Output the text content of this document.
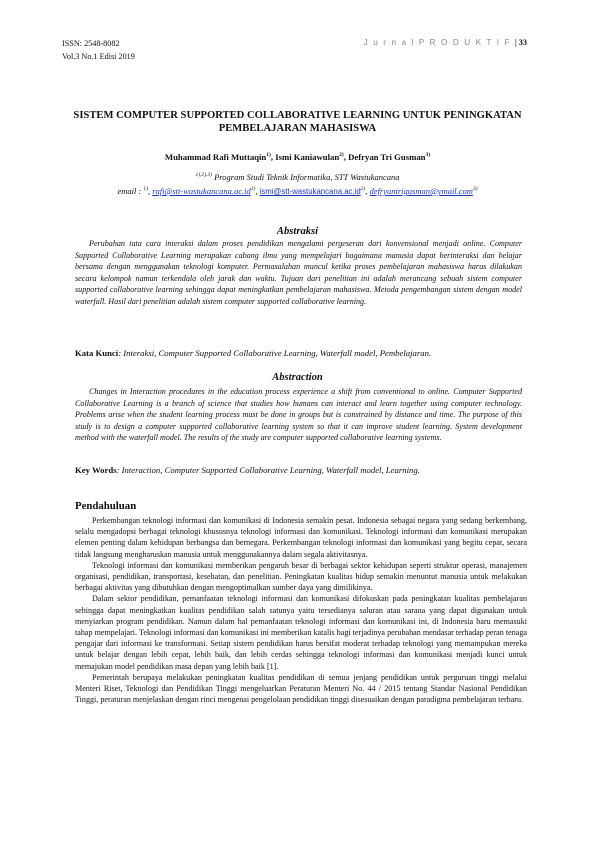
ISSN: 2548-8082
Vol.3 No.1 Edisi 2019
J u r n a l P R O D U K T I F | 33
SISTEM COMPUTER SUPPORTED COLLABORATIVE LEARNING UNTUK PENINGKATAN PEMBELAJARAN MAHASISWA
Muhammad Rafi Muttaqin$^{1)}$, Ismi Kaniawulan$^{2)}$, Defryan Tri Gusman$^{3)}$
$^{1),2),3)}$ Program Studi Teknik Informatika, STT Wastukancana
email : $^{1)}$, $rafi@stt-wastukancana.ac.id^{1)}$, $ismi@stt-wastukancana.ac.id^{2)}$, defryantrigusman@ymail.com$^{3)}$
Abstraksi
Perubahan tata cara interaksi dalam proses pendidikan mengalami pergeseran dari konvensional menjadi online. Computer Supported Collaborative Learning merupakan cabang ilmu yang mempelajari bagaimana manusia dapat berinteraksi dan belajar bersama dengan menggunakan teknologi komputer. Permasalahan muncul ketika proses pembelajaran mahasiswa harus dilakukan secara kelompok namun terkendala oleh jarak dan waktu. Tujuan dari penelitian ini adalah merancang sebuah sistem computer supported collaborative learning sehingga dapat meningkatkan pembelajaran mahasiswa. Metoda pengembangan sistem dengan model waterfall. Hasil dari penelitian adalah sistem computer supported collaborative learning.
Kata Kunci: Interaksi, Computer Supported Collaborative Learning, Waterfall model, Pembelajaran.
Abstraction
Changes in Interaction procedures in the education process experience a shift from conventional to online. Computer Supported Collaborative Learning is a branch of science that studies how humans can interact and learn together using computer technology. Problems arise when the student learning process must be done in groups but is constrained by distance and time. The purpose of this study is to design a computer supported collaborative learning system so that it can improve student learning. System development method with the waterfall model. The results of the study are computer supported collaborative learning systems.
Key Words: Interaction, Computer Supported Collaborative Learning, Waterfall model, Learning.
Pendahuluan

Perkembangan teknologi informasi dan komunikasi di Indonesia semakin pesat. Indonesia sebagai negara yang sedang berkembang, selalu mengadopsi berbagai teknologi khususnya teknologi informasi dan komunikasi. Teknologi informasi dan komunikasi merupakan elemen penting dalam kehidupan berbangsa dan bernegara. Perkembangan teknologi informasi dan komunikasi yang begitu cepat, secara tidak langsung mengharuskan manusia untuk menggunakannya dalam segala aktivitasnya.

Teknologi informasi dan komunikasi memberikan pengaruh besar di berbagai sektor kehidupan seperti struktur operasi, manajemen organisasi, pendidikan, transportasi, kesehatan, dan penelitian. Peningkatan kualitas hidup semakin menuntut manusia untuk melakukan berbagai aktivitas yang dibutuhkan dengan mengoptimalkan sumber daya yang dimilikinya.

Dalam sektor pendidikan, pemanfaatan teknologi informasi dan komunikasi difokuskan pada peningkatan kualitas pembelajaran sehingga dapat meningkatkan kualitas pendidikan salah satunya yaitu tersedianya saluran atau sarana yang dapat digunakan untuk menyiarkan program pendidikan. Namun dalam hal pemanfaatan teknologi informasi dan komunikasi ini, di Indonesia baru memasuki tahap mempelajari. Teknologi informasi dan komunikasi ini memberikan katalis bagi terjadinya perubahan mendasar terhadap peran tenaga pengajar dari informasi ke transformasi. Setiap sistem pendidikan harus bersifat moderat terhadap teknologi yang memampukan mereka untuk belajar dengan lebih cepat, lebih baik, dan lebih cerdas sehingga teknologi informasi dan komunikasi menjadi kunci untuk memajukan model pendidikan masa depan yang lebih baik [1].

Pemerintah berupaya melakukan peningkatan kualitas pendidikan di semua jenjang pendidikan untuk perguruan tinggi melalui Menteri Riset, Teknologi dan Pendidikan Tinggi mengeluarkan Peraturan Menteri No. 44 / 2015 tentang Standar Nasional Pendidikan Tinggi, peraturan menjelaskan dengan rinci mengenai pengelolaan pendidikan tinggi disesuaikan dengan paradigma pembelajaran terbaru.
